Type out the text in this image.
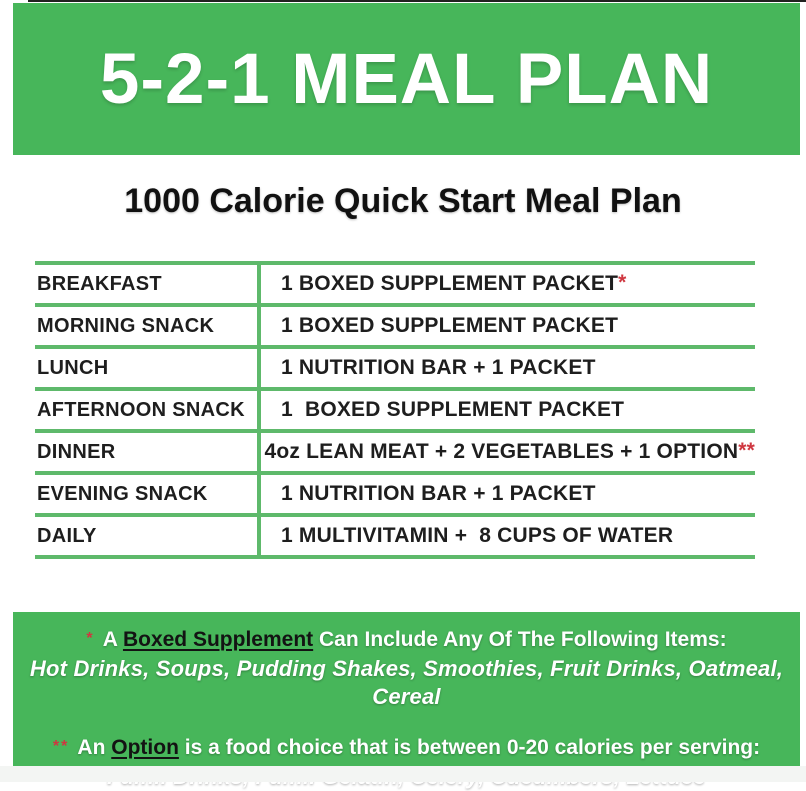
5-2-1 MEAL PLAN
1000 Calorie Quick Start Meal Plan
BREAKFAST	1 BOXED SUPPLEMENT PACKET*
MORNING SNACK	1 BOXED SUPPLEMENT PACKET
LUNCH	1 NUTRITION BAR + 1 PACKET
AFTERNOON SNACK	1  BOXED SUPPLEMENT PACKET
DINNER	4oz LEAN MEAT + 2 VEGETABLES + 1 OPTION**
EVENING SNACK	1 NUTRITION BAR + 1 PACKET
DAILY	1 MULTIVITAMIN +  8 CUPS OF WATER
* A Boxed Supplement Can Include Any Of The Following Items:
Hot Drinks, Soups, Pudding Shakes, Smoothies, Fruit Drinks, Oatmeal, Cereal
** An Option is a food choice that is between 0-20 calories per serving:
